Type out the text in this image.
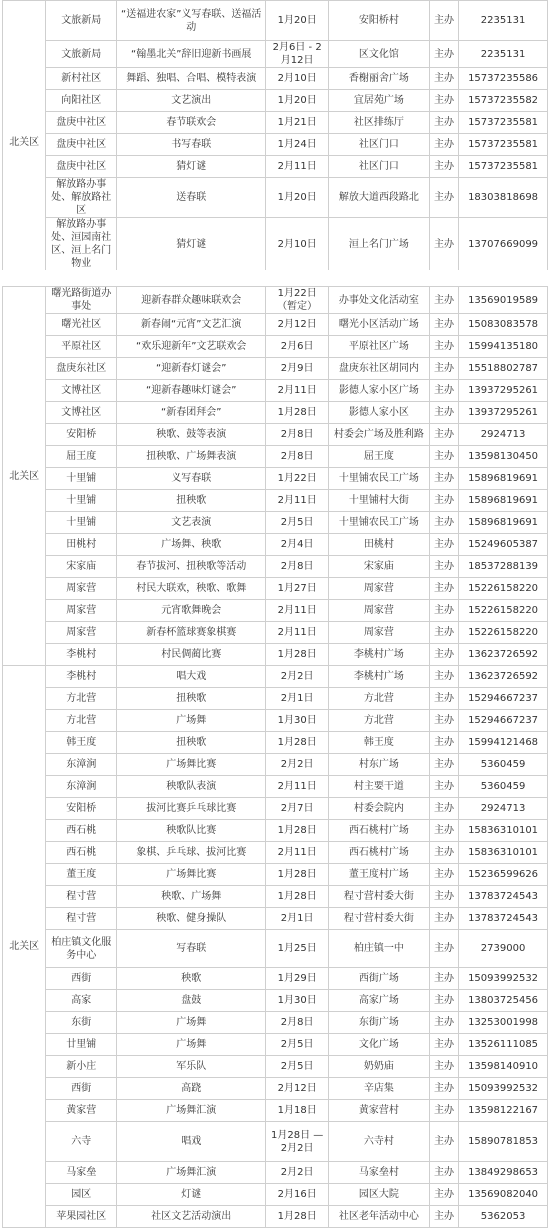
北关区	文旅新局	“送福进农家”义写春联、送福活动	1月20日	安阳桥村	主办	2235131
	文旅新局	“翰墨北关”辞旧迎新书画展	2月6日 - 2月12日	区文化馆	主办	2235131
	新村社区	舞蹈、独唱、合唱、模特表演	2月10日	香榭丽舍广场	主办	15737235586
	向阳社区	文艺演出	1月20日	宜居苑广场	主办	15737235582
	盘庚中社区	春节联欢会	1月21日	社区排练厅	主办	15737235581
	盘庚中社区	书写春联	1月24日	社区门口	主办	15737235581
	盘庚中社区	猜灯谜	2月11日	社区门口	主办	15737235581
	解放路办事处、解放路社区	送春联	1月20日	解放大道西段路北	主办	18303818698
	解放路办事处、洹园南社区、洹上名门物业	猜灯谜	2月10日	洹上名门广场	主办	13707669099

北关区	曙光路街道办事处	迎新春群众趣味联欢会	1月22日（暂定）	办事处文化活动室	主办	13569019589
	曙光社区	新春闹“元宵”文艺汇演	2月12日	曙光小区活动广场	主办	15083083578
	平原社区	“欢乐迎新年”文艺联欢会	2月6日	平原社区广场	主办	15994135180
	盘庚东社区	“迎新春灯谜会”	2月9日	盘庚东社区胡同内	主办	15518802787
	文博社区	“迎新春趣味灯谜会”	2月11日	影德人家小区广场	主办	13937295261
	文博社区	“新春团拜会”	1月28日	影德人家小区	主办	13937295261
	安阳桥	秧歌、鼓等表演	2月8日	村委会广场及胜利路	主办	2924713
	屈王度	扭秧歌、广场舞表演	2月8日	屈王度	主办	13598130450
	十里铺	义写春联	1月22日	十里铺农民工广场	主办	15896819691
	十里铺	扭秧歌	2月11日	十里铺村大街	主办	15896819691
	十里铺	文艺表演	2月5日	十里铺农民工广场	主办	15896819691
	田桃村	广场舞、秧歌	2月4日	田桃村	主办	15249605387
	宋家庙	春节拔河、扭秧歌等活动	2月8日	宋家庙	主办	18537288139
	周家营	村民大联欢，秧歌、歌舞	1月27日	周家营	主办	15226158220
	周家营	元宵歌舞晚会	2月11日	周家营	主办	15226158220
	周家营	新春杯篮球赛象棋赛	2月11日	周家营	主办	15226158220
	李桃村	村民倜蔺比赛	1月28日	李桃村广场	主办	13623726592
北关区	李桃村	唱大戏	2月2日	李桃村广场	主办	13623726592
	方北营	扭秧歌	2月1日	方北营	主办	15294667237
	方北营	广场舞	1月30日	方北营	主办	15294667237
	韩王度	扭秧歌	1月28日	韩王度	主办	15994121468
	东漳涧	广场舞比赛	2月2日	村东广场	主办	5360459
	东漳涧	秧歌队表演	2月11日	村主要干道	主办	5360459
	安阳桥	拔河比赛乒乓球比赛	2月7日	村委会院内	主办	2924713
	西石桃	秧歌队比赛	1月28日	西石桃村广场	主办	15836310101
	西石桃	象棋、乒乓球、拔河比赛	2月11日	西石桃村广场	主办	15836310101
	董王度	广场舞比赛	1月28日	董王度村广场	主办	15236599626
	程寸营	秧歌、广场舞	1月28日	程寸营村委大街	主办	13783724543
	程寸营	秧歌、健身操队	2月1日	程寸营村委大街	主办	13783724543
	柏庄镇文化服务中心	写春联	1月25日	柏庄镇一中	主办	2739000
	西街	秧歌	1月29日	西街广场	主办	15093992532
	高家	盘鼓	1月30日	高家广场	主办	13803725456
	东街	广场舞	2月8日	东街广场	主办	13253001998
	廿里铺	广场舞	2月5日	文化广场	主办	13526111085
	新小庄	军乐队	2月5日	奶奶庙	主办	13598140910
	西街	高跷	2月12日	辛店集	主办	15093992532
	黄家营	广场舞汇演	1月18日	黄家营村	主办	13598122167
	六寺	唱戏	1月28日 —2月2日	六寺村	主办	15890781853
	马家垒	广场舞汇演	2月2日	马家垒村	主办	13849298653
	园区	灯谜	2月16日	园区大院	主办	13569082040
	苹果园社区	社区文艺活动演出	1月28日	社区老年活动中心	主办	5362053
